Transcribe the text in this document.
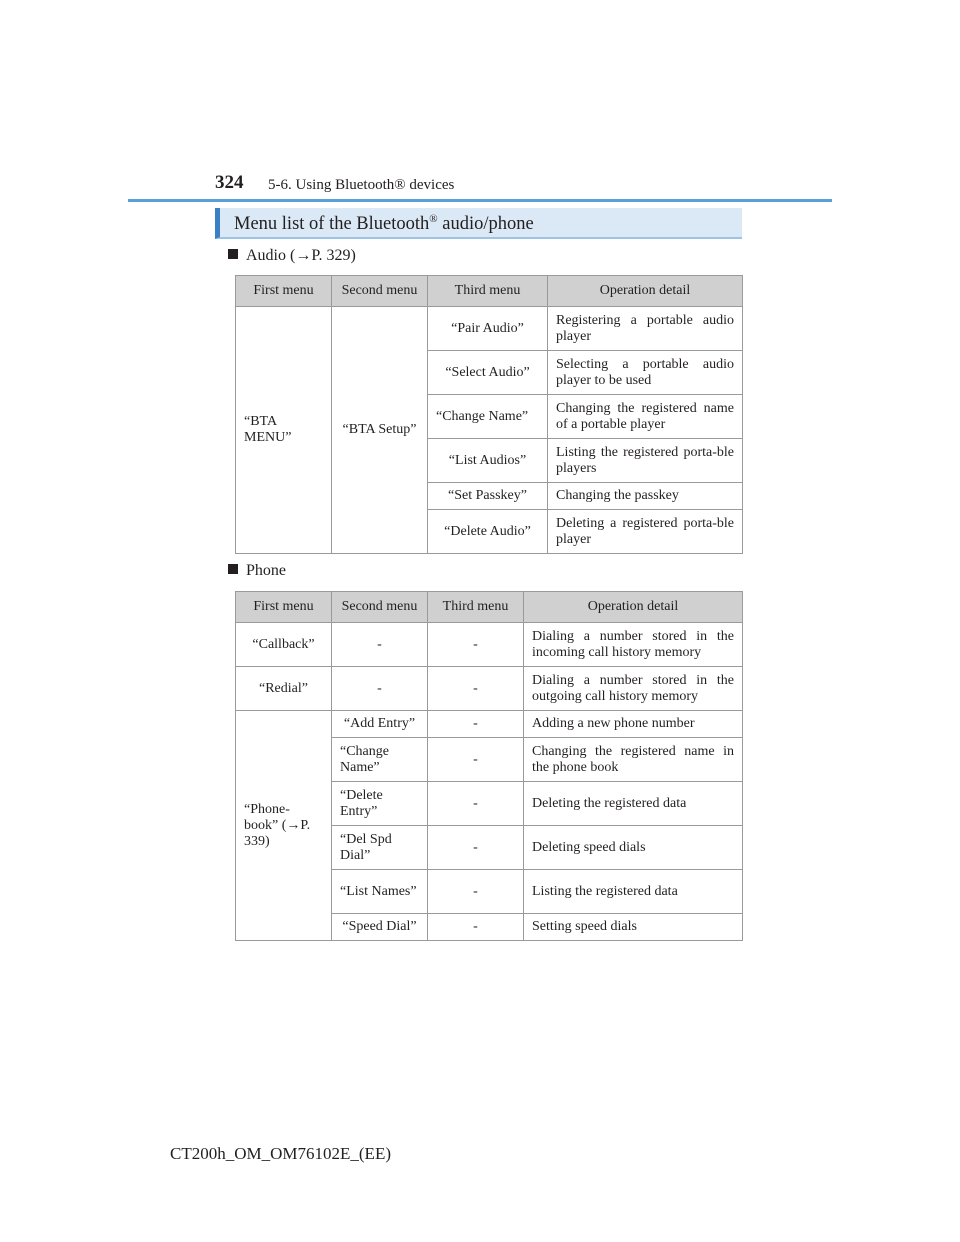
324 5-6. Using Bluetooth® devices
Menu list of the Bluetooth® audio/phone
Audio (→P. 329)
First menu	Second menu	Third menu	Operation detail
“BTA MENU”	“BTA Setup”	“Pair Audio”	Registering a portable audio player
		“Select Audio”	Selecting a portable audio player to be used
		“Change Name”	Changing the registered name of a portable player
		“List Audios”	Listing the registered porta-ble players
		“Set Passkey”	Changing the passkey
		“Delete Audio”	Deleting a registered porta-ble player
Phone
First menu	Second menu	Third menu	Operation detail
“Callback”	-	-	Dialing a number stored in the incoming call history memory
“Redial”	-	-	Dialing a number stored in the outgoing call history memory
“Phone-book” (→P. 339)	“Add Entry”	-	Adding a new phone number
	“Change Name”	-	Changing the registered name in the phone book
	“Delete Entry”	-	Deleting the registered data
	“Del Spd Dial”	-	Deleting speed dials
	“List Names”	-	Listing the registered data
	“Speed Dial”	-	Setting speed dials
CT200h_OM_OM76102E_(EE)
